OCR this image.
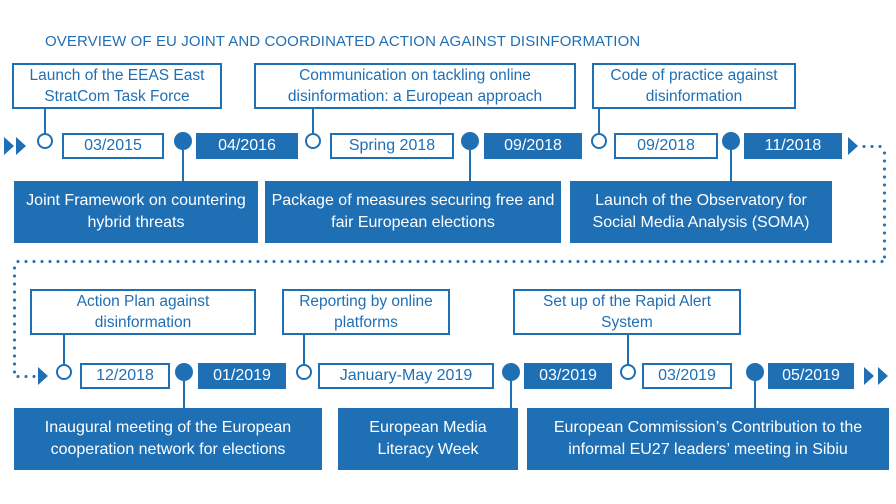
OVERVIEW OF EU JOINT AND COORDINATED ACTION AGAINST DISINFORMATION
Launch of the EEAS East StratCom Task Force
03/2015	04/2016
Joint Framework on countering hybrid threats
Communication on tackling online disinformation: a European approach
Spring 2018	09/2018
Package of measures securing free and fair European elections
Code of practice against disinformation
09/2018	11/2018
Launch of the Observatory for Social Media Analysis (SOMA)
Action Plan against disinformation
12/2018	01/2019
Inaugural meeting of the European cooperation network for elections
Reporting by online platforms
January-May 2019	03/2019
European Media Literacy Week
Set up of the Rapid Alert System
03/2019	05/2019
European Commission’s Contribution to the informal EU27 leaders’ meeting in Sibiu
